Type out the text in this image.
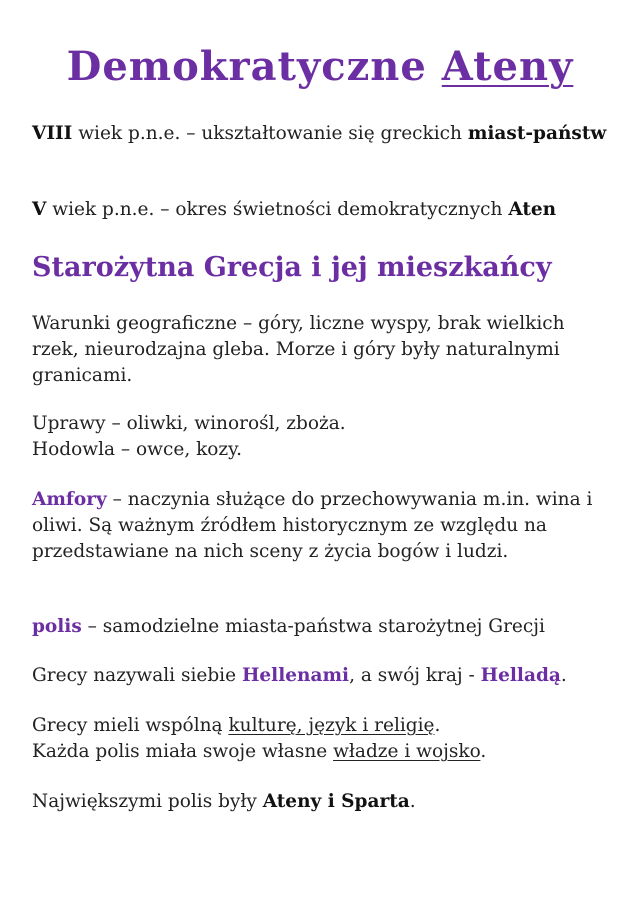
Demokratyczne Ateny

VIII wiek p.n.e. – ukształtowanie się greckich miast-państw

V wiek p.n.e. – okres świetności demokratycznych Aten

Starożytna Grecja i jej mieszkańcy

Warunki geograficzne – góry, liczne wyspy, brak wielkich rzek, nieurodzajna gleba. Morze i góry były naturalnymi granicami.

Uprawy – oliwki, winorośl, zboża.

Hodowla – owce, kozy.

Amfory – naczynia służące do przechowywania m.in. wina i oliwi. Są ważnym źródłem historycznym ze względu na przedstawiane na nich sceny z życia bogów i ludzi.

polis – samodzielne miasta-państwa starożytnej Grecji

Grecy nazywali siebie Hellenami, a swój kraj - Helladą.

Grecy mieli wspólną kulturę, język i religię.

Każda polis miała swoje własne władze i wojsko.

Największymi polis były Ateny i Sparta.
